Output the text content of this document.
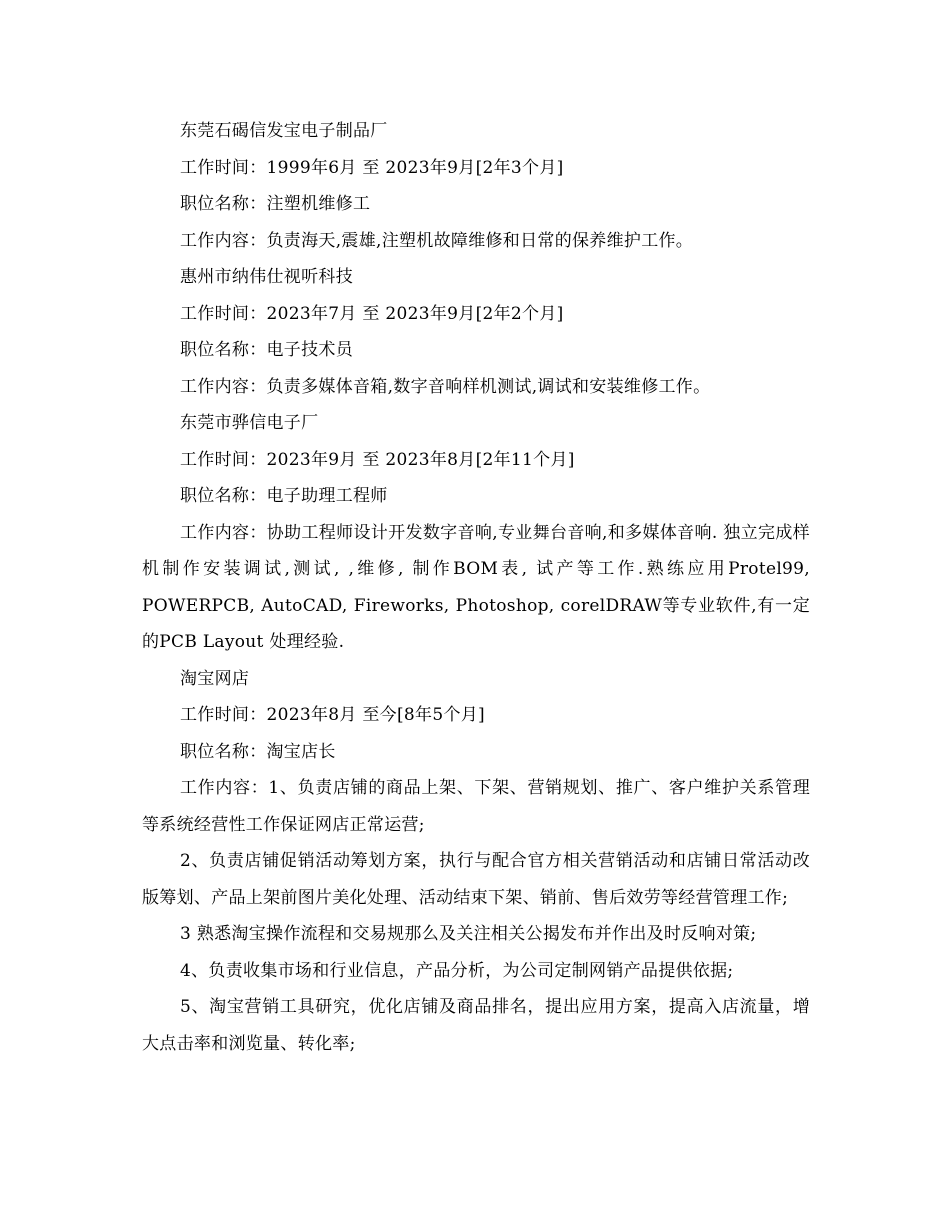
东莞石碣信发宝电子制品厂

工作时间：1999年6月 至 2023年9月[2年3个月]

职位名称：注塑机维修工

工作内容：负责海天,震雄,注塑机故障维修和日常的保养维护工作。

惠州市纳伟仕视听科技

工作时间：2023年7月 至 2023年9月[2年2个月]

职位名称：电子技术员

工作内容：负责多媒体音箱,数字音响样机测试,调试和安装维修工作。

东莞市骅信电子厂

工作时间：2023年9月 至 2023年8月[2年11个月]

职位名称：电子助理工程师

工作内容：协助工程师设计开发数字音响,专业舞台音响,和多媒体音响. 独立完成样机制作安装调试,测试, ,维修, 制作BOM表, 试产等工作.熟练应用Protel99, POWERPCB, AutoCAD, Fireworks, Photoshop, corelDRAW等专业软件,有一定的PCB Layout 处理经验.

淘宝网店

工作时间：2023年8月 至今[8年5个月]

职位名称：淘宝店长

工作内容：1、负责店铺的商品上架、下架、营销规划、推广、客户维护关系管理等系统经营性工作保证网店正常运营;

2、负责店铺促销活动筹划方案，执行与配合官方相关营销活动和店铺日常活动改版筹划、产品上架前图片美化处理、活动结束下架、销前、售后效劳等经营管理工作;

3 熟悉淘宝操作流程和交易规那么及关注相关公揭发布并作出及时反响对策;

4、负责收集市场和行业信息，产品分析，为公司定制网销产品提供依据;

5、淘宝营销工具研究，优化店铺及商品排名，提出应用方案，提高入店流量，增大点击率和浏览量、转化率;
